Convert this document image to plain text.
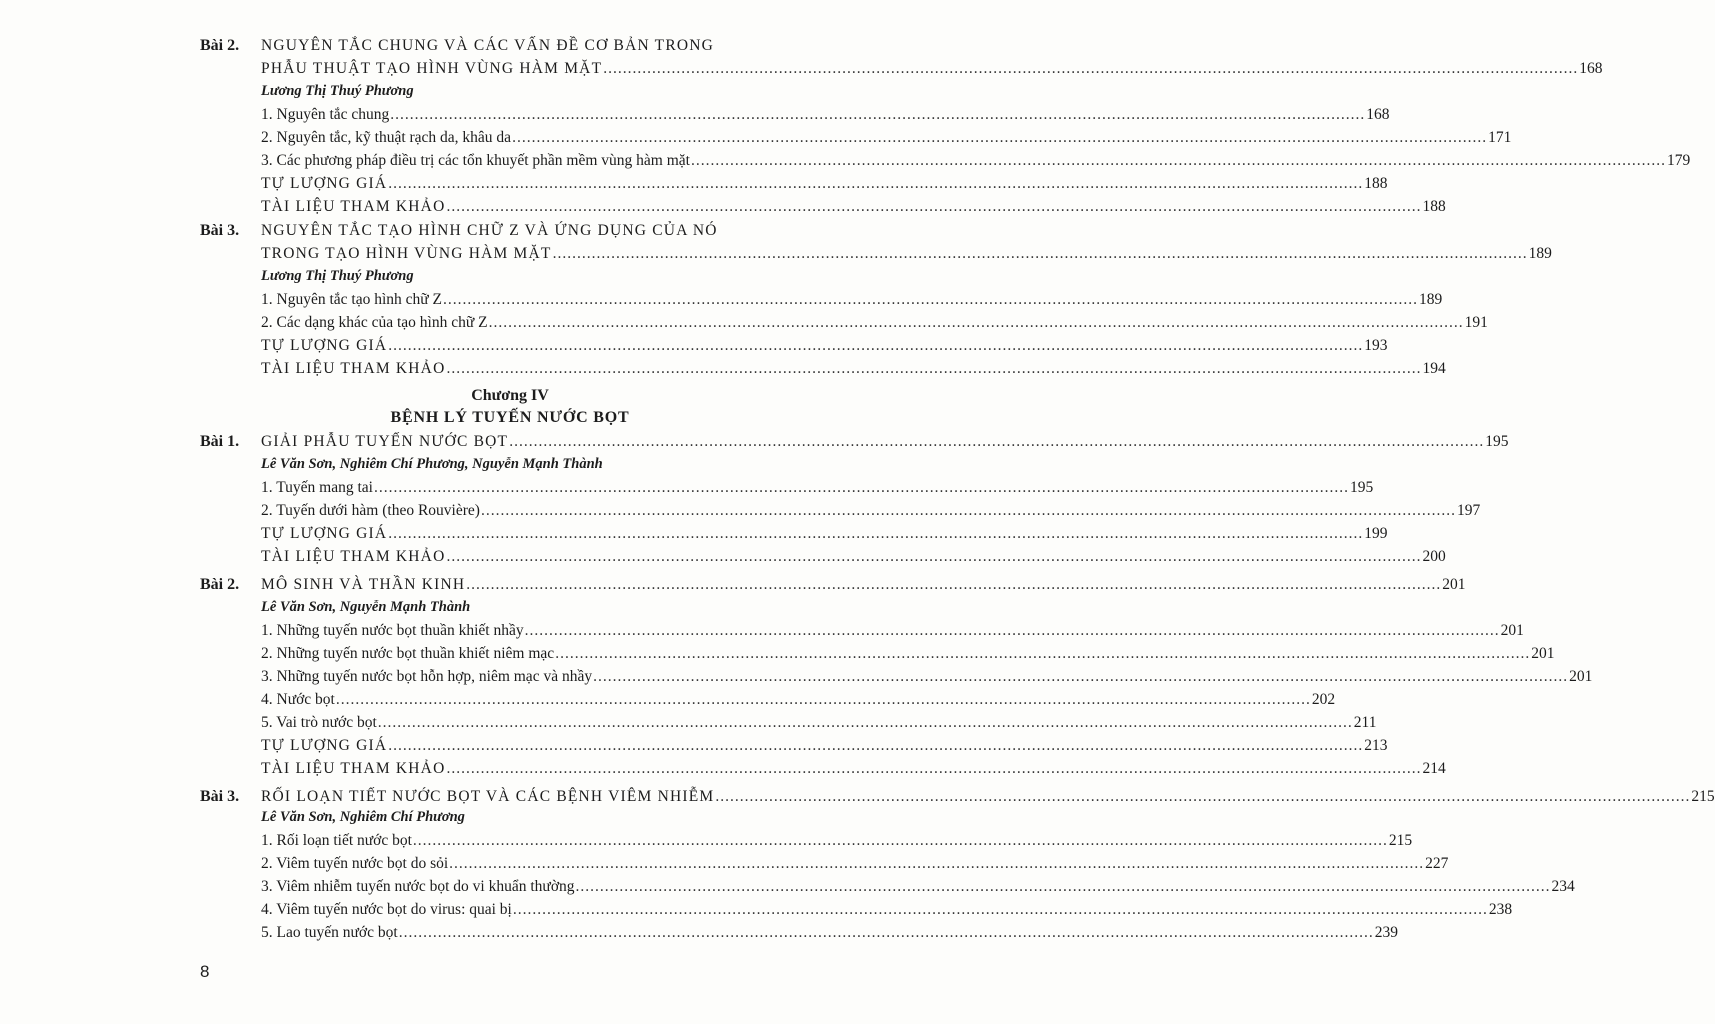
Bài 2. NGUYÊN TẮC CHUNG VÀ CÁC VẤN ĐỀ CƠ BẢN TRONG
PHẪU THUẬT TẠO HÌNH VÙNG HÀM MẶT ........................................................................................................................................................................................................ 168
Lương Thị Thuý Phương
1. Nguyên tắc chung ........................................................................................................................................................................................................ 168
2. Nguyên tắc, kỹ thuật rạch da, khâu da ........................................................................................................................................................................................................ 171
3. Các phương pháp điều trị các tổn khuyết phần mềm vùng hàm mặt ........................................................................................................................................................................................................ 179
TỰ LƯỢNG GIÁ ........................................................................................................................................................................................................ 188
TÀI LIỆU THAM KHẢO ........................................................................................................................................................................................................ 188
Bài 3. NGUYÊN TẮC TẠO HÌNH CHỮ Z VÀ ỨNG DỤNG CỦA NÓ
TRONG TẠO HÌNH VÙNG HÀM MẶT ........................................................................................................................................................................................................ 189
Lương Thị Thuý Phương
1. Nguyên tắc tạo hình chữ Z ........................................................................................................................................................................................................ 189
2. Các dạng khác của tạo hình chữ Z ........................................................................................................................................................................................................ 191
TỰ LƯỢNG GIÁ ........................................................................................................................................................................................................ 193
TÀI LIỆU THAM KHẢO ........................................................................................................................................................................................................ 194
Chương IV
BỆNH LÝ TUYẾN NƯỚC BỌT
Bài 1. GIẢI PHẪU TUYẾN NƯỚC BỌT ........................................................................................................................................................................................................ 195
Lê Văn Sơn, Nghiêm Chí Phương, Nguyễn Mạnh Thành
1. Tuyến mang tai ........................................................................................................................................................................................................ 195
2. Tuyến dưới hàm (theo Rouvière) ........................................................................................................................................................................................................ 197
TỰ LƯỢNG GIÁ ........................................................................................................................................................................................................ 199
TÀI LIỆU THAM KHẢO ........................................................................................................................................................................................................ 200
Bài 2. MÔ SINH VÀ THẦN KINH ........................................................................................................................................................................................................ 201
Lê Văn Sơn, Nguyễn Mạnh Thành
1. Những tuyến nước bọt thuần khiết nhầy ........................................................................................................................................................................................................ 201
2. Những tuyến nước bọt thuần khiết niêm mạc ........................................................................................................................................................................................................ 201
3. Những tuyến nước bọt hỗn hợp, niêm mạc và nhầy ........................................................................................................................................................................................................ 201
4. Nước bọt ........................................................................................................................................................................................................ 202
5. Vai trò nước bọt ........................................................................................................................................................................................................ 211
TỰ LƯỢNG GIÁ ........................................................................................................................................................................................................ 213
TÀI LIỆU THAM KHẢO ........................................................................................................................................................................................................ 214
Bài 3. RỐI LOẠN TIẾT NƯỚC BỌT VÀ CÁC BỆNH VIÊM NHIỄM ........................................................................................................................................................................................................ 215
Lê Văn Sơn, Nghiêm Chí Phương
1. Rối loạn tiết nước bọt ........................................................................................................................................................................................................ 215
2. Viêm tuyến nước bọt do sỏi ........................................................................................................................................................................................................ 227
3. Viêm nhiễm tuyến nước bọt do vi khuẩn thường ........................................................................................................................................................................................................ 234
4. Viêm tuyến nước bọt do virus: quai bị ........................................................................................................................................................................................................ 238
5. Lao tuyến nước bọt ........................................................................................................................................................................................................ 239
8
